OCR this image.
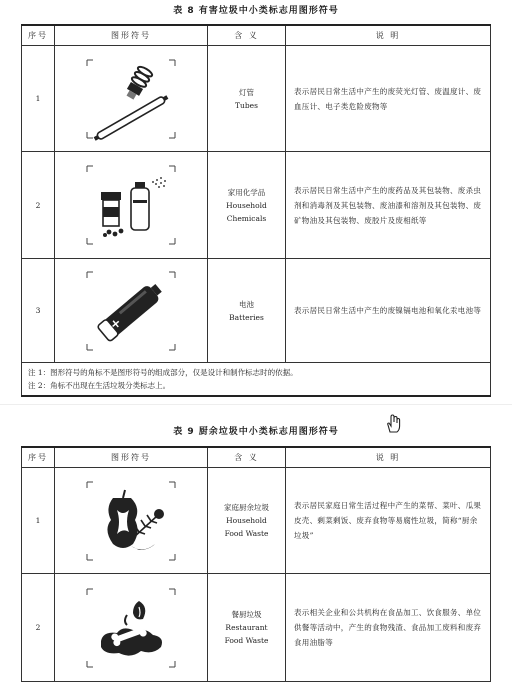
表 8 有害垃圾中小类标志用图形符号
序号	图形符号	含 义	说 明
1		灯管
Tubes	表示居民日常生活中产生的废荧光灯管、废温度计、废血压计、电子类危险废物等
2		家用化学品
Household Chemicals	表示居民日常生活中产生的废药品及其包装物、废杀虫剂和消毒剂及其包装物、废油漆和溶剂及其包装物、废矿物油及其包装物、废胶片及废相纸等
3		电池
Batteries	表示居民日常生活中产生的废镍镉电池和氧化汞电池等

注 1：图形符号的角标不是图形符号的组成部分，仅是设计和制作标志时的依据。
注 2：角标不出现在生活垃圾分类标志上。			
表 9 厨余垃圾中小类标志用图形符号
序号	图形符号	含 义	说 明
1		家庭厨余垃圾
Household
Food Waste	表示居民家庭日常生活过程中产生的菜帮、菜叶、瓜果皮壳、剩菜剩饭、废弃食物等易腐性垃圾，简称“厨余垃圾”
2		餐厨垃圾
Restaurant
Food Waste	表示相关企业和公共机构在食品加工、饮食服务、单位供餐等活动中，产生的食物残渣、食品加工废料和废弃食用油脂等
